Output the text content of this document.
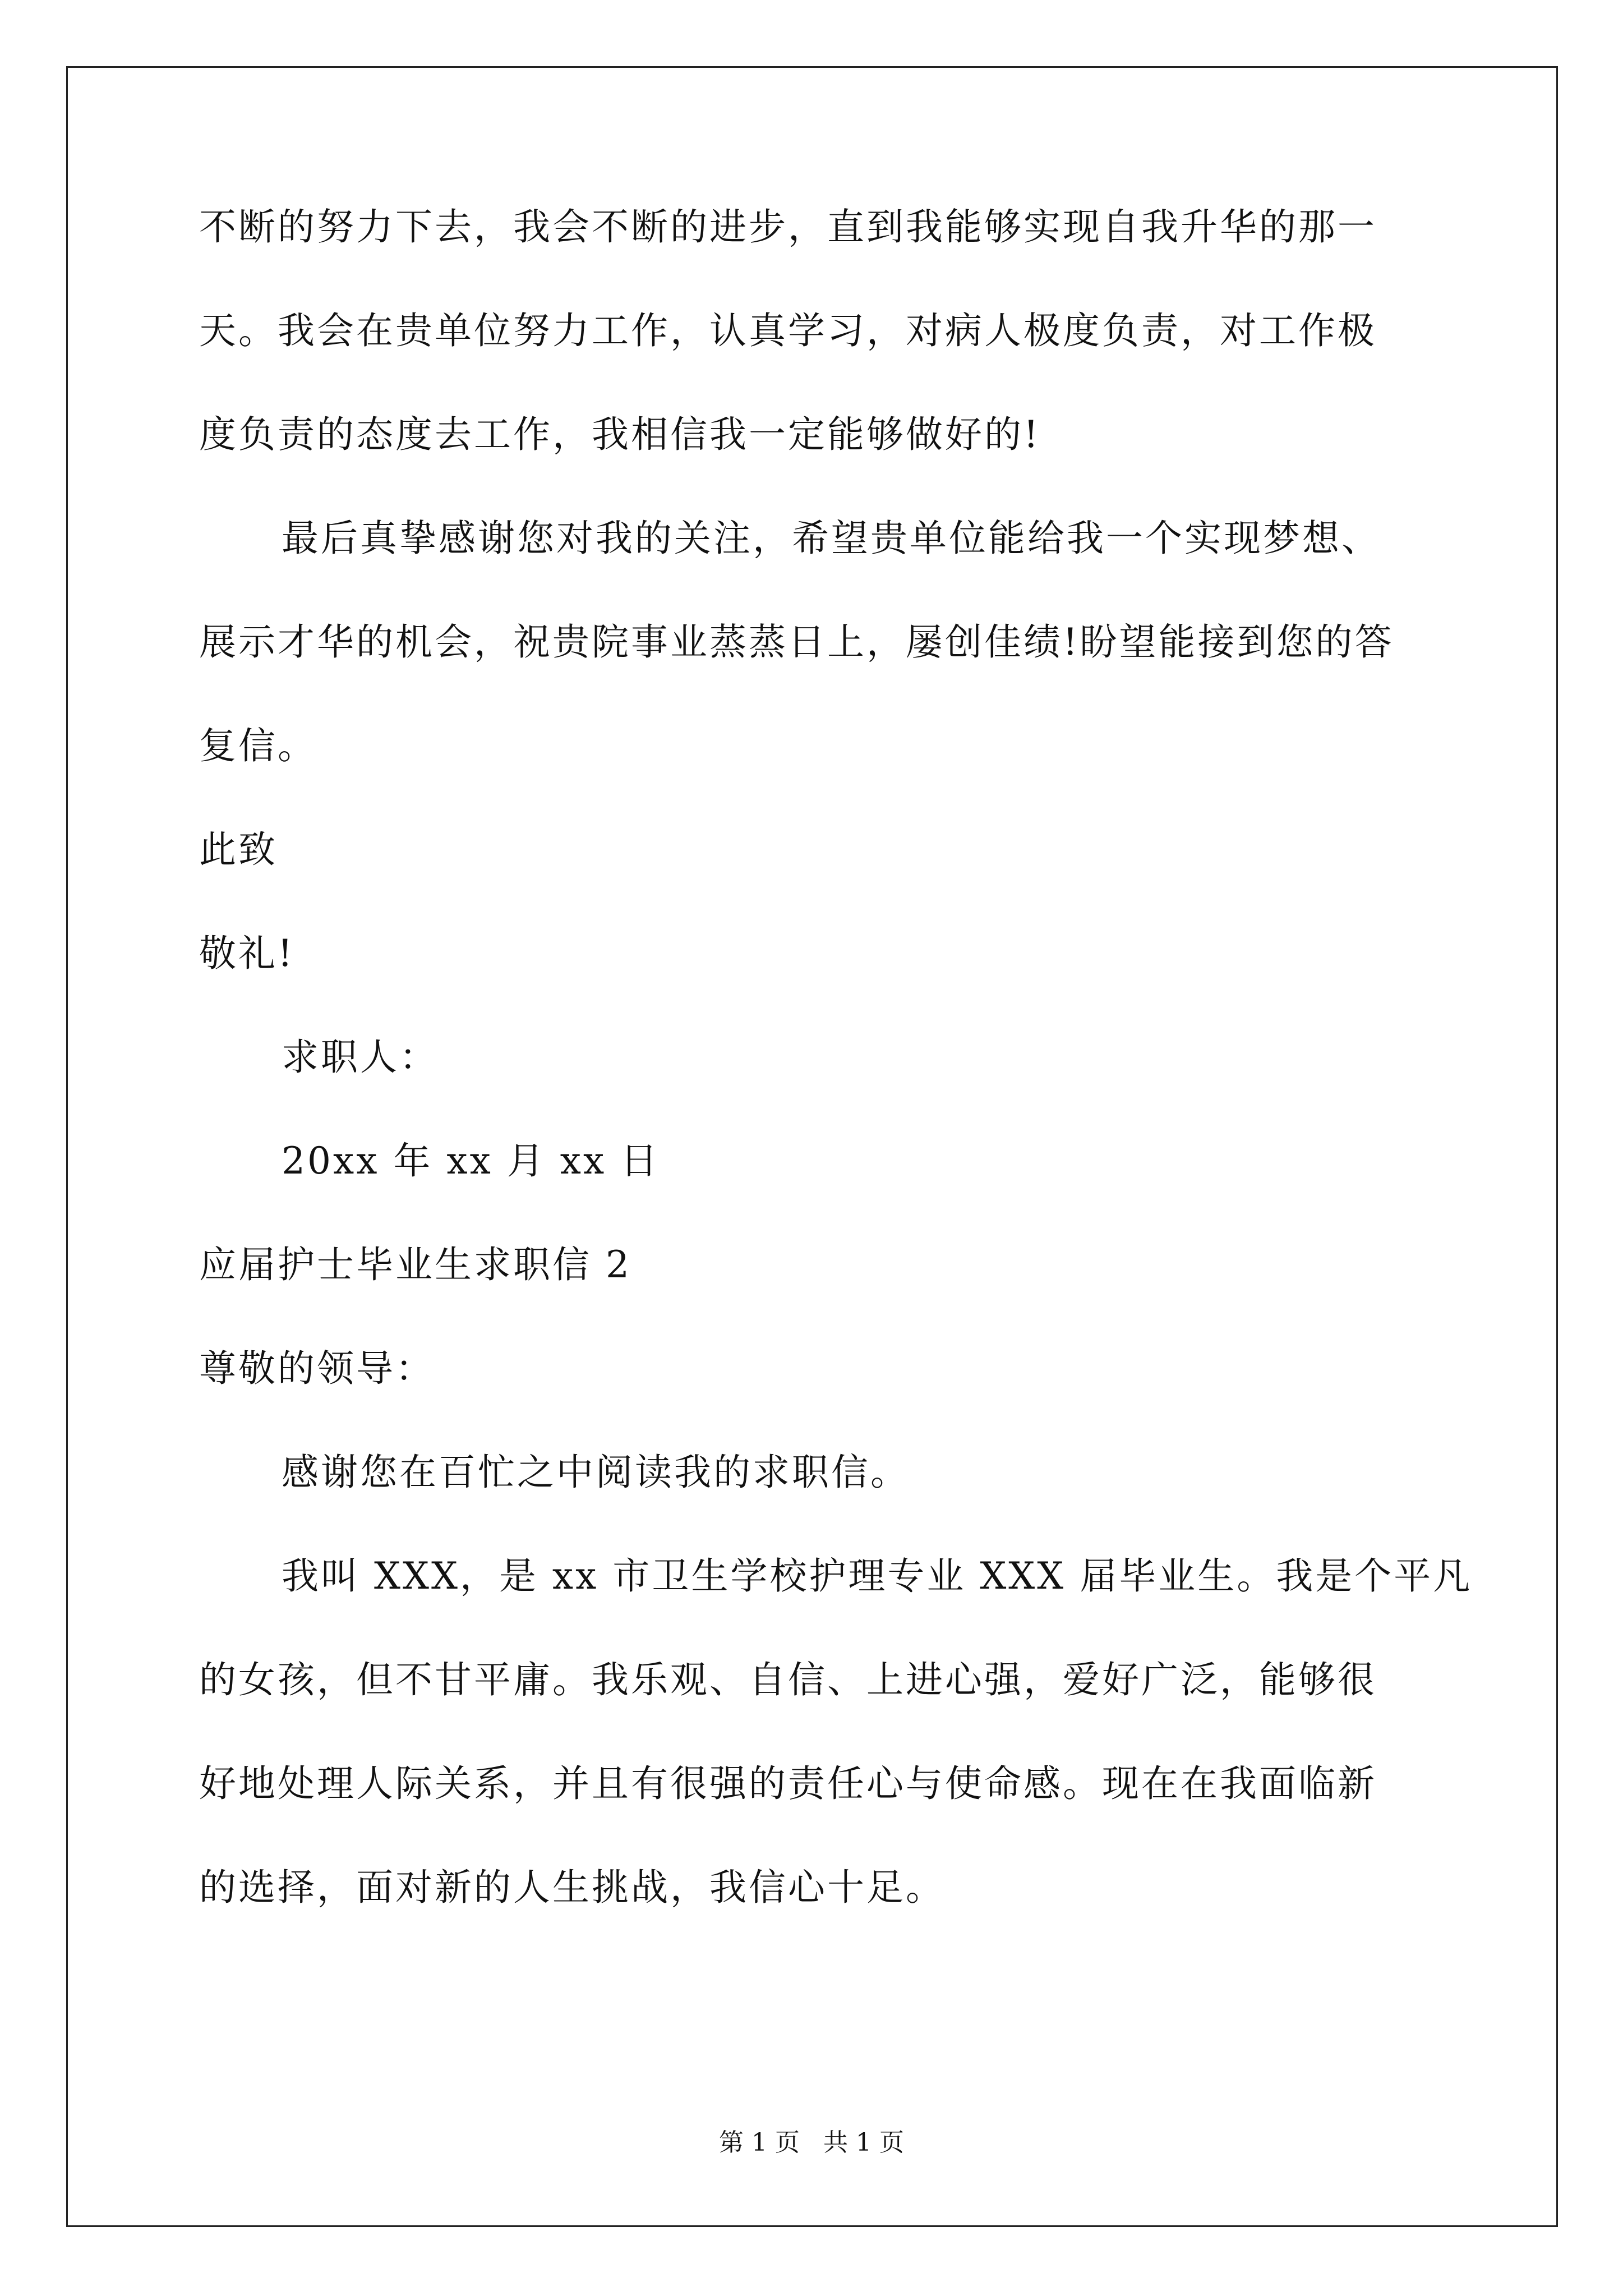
不断的努力下去，我会不断的进步，直到我能够实现自我升华的那一
天。我会在贵单位努力工作，认真学习，对病人极度负责，对工作极
度负责的态度去工作，我相信我一定能够做好的!
最后真挚感谢您对我的关注，希望贵单位能给我一个实现梦想、
展示才华的机会，祝贵院事业蒸蒸日上，屡创佳绩!盼望能接到您的答
复信。
此致
敬礼!
求职人：
20xx 年 xx 月 xx 日
应届护士毕业生求职信 2
尊敬的领导：
感谢您在百忙之中阅读我的求职信。
我叫 XXX，是 xx 市卫生学校护理专业 XXX 届毕业生。我是个平凡
的女孩，但不甘平庸。我乐观、自信、上进心强，爱好广泛，能够很
好地处理人际关系，并且有很强的责任心与使命感。现在在我面临新
的选择，面对新的人生挑战，我信心十足。
第 1 页   共 1 页
